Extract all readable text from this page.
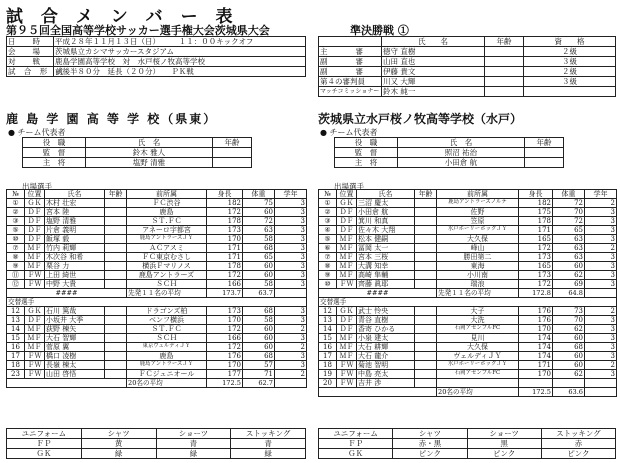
試 合 メ ン バ ー 表
第９５回全国高等学校サッカー選手権大会茨城県大会	準決勝戦 ①
日 時	平成２８年１１月１３日（日）　　　１１：００キックオフ
会 場	茨城県立カシマサッカースタジアム
対 戦	鹿島学園高等学校　対　水戸桜ノ牧高等学校
試 合 形 式	前後半８０分　延長（２０分）　　ＰＫ戦
	氏　　名	年齢	資　　格
主 審	徳守 直樹		２級
副 審	山田 直也		３級
副 審	伊藤 貴文		２級
第４の審判員	川又 大輝		３級
マッチコミッショナー	鈴木 純一		
鹿 島 学 園 高 等 学 校（県東）	茨城県立水戸桜ノ牧高等学校（水戸）
● チーム代表者	● チーム代表者
役　職	氏　名	年齢
監　督	鈴木 雅人	
主　将	塩野 清雅	
役　職	氏　名	年齢
監　督	照沼 祐治	
主　将	小田倉 航	
出場選手	出場選手
№	位置	氏名	年齢	前所属	身長	体重	学年
①	ＧＫ	木村 壮宏		ＦＣ渋谷	182	75	3
②	ＤＦ	宮本 陸		鹿島	172	60	3
③	ＤＦ	塩野 清雅		ＳＴ.ＦＣ	178	72	3
⑤	ＤＦ	片倉 義明		アネーロ宇都宮	173	63	3
⑩	ＤＦ	飯塚 毅		鹿島アントラーズＪＹ	170	58	3
⑦	ＭＦ	竹内 莉輝		ＡＣアスミ	171	68	3
⑧	ＭＦ	木次谷 和希		ＦＣ東京むさし	171	65	3
⑨	ＭＦ	栗谷 力		横浜Ｆマリノス	178	60	3
⑪	ＦＷ	上田 綺世		鹿島アントラーズ	172	60	3
⑫	ＦＷ	中野 大貴		ＳＣＨ	166	58	3
####				先発１１名の平均	173.7	63.7	
交替選手							
12	ＧＫ	石川 篤哉		ドラゴンズ柏	173	68	3
13	ＤＦ	小坂井 大季		ベンフ横浜	170	58	3
14	ＭＦ	荻野 棟矢		ＳＴ.ＦＣ	172	60	2
15	ＭＦ	大石 智輝		ＳＣＨ	166	60	3
16	ＭＦ	菅原 翼		東京ヴェルディＪＹ	172	60	2
17	ＦＷ	橋口 凌樹		鹿島	176	68	3
18	ＦＷ	長嶺 棟太		鹿島アントラーズＪＹ	170	57	3
23	ＦＷ	山田 啓悟		ＦＣジュニオール	177	71	2
				20名の平均	172.5	62.7	
№	位置	氏名	年齢	前所属	身長	体重	学年
①	ＧＫ	三沼 慶太		鹿島アントラーズノルテ	182	72	2
②	ＤＦ	小田倉 航		佐野	175	70	3
③	ＤＦ	箕川 和真		笠原	178	72	3
④	ＤＦ	佐々木 大翔		水戸ホーリーホックＪＹ	171	65	3
⑤	ＭＦ	松本 健嗣		大久保	165	63	3
⑥	ＭＦ	冨岡 太一		峰山	172	63	2
⑦	ＭＦ	宮本 三桜		勝田第二	173	63	3
⑧	ＭＦ	大溝 知幸		東海	165	60	3
⑨	ＭＦ	高崎 隼輔		小川南	173	62	3
⑩	ＦＷ	齊藤 眞耶		瑞浪	172	69	3
####				先発１１名の平均	172.8	64.8	
交替選手							
12	ＧＫ	武士 怜央		大子	176	73	2
13	ＤＦ	青谷 直樹		大洗	176	70	3
14	ＤＦ	香寄 ひかる		石岡アセンブルFC	170	62	3
15	ＭＦ	小泉 建太		見川	174	60	3
16	ＭＦ	大石 耕輝		大久保	174	68	3
17	ＭＦ	大石 龍介		ヴェルディＪＹ	174	60	3
18	ＦＷ	菊池 智明		水戸ホーリーホックＪＹ	171	60	2
19	ＦＷ	中島 亮太		石岡アセンブルFC	170	62	3
20	ＦＷ	吉井 渉					
				20名の平均	172.5	63.6	
ユニフォーム	シャツ	ショーツ	ストッキング
ＦＰ	黄	青	青
ＧＫ	緑	緑	緑
ユニフォーム	シャツ	ショーツ	ストッキング
ＦＰ	赤・黒	黒	赤
ＧＫ	ピンク	ピンク	ピンク
